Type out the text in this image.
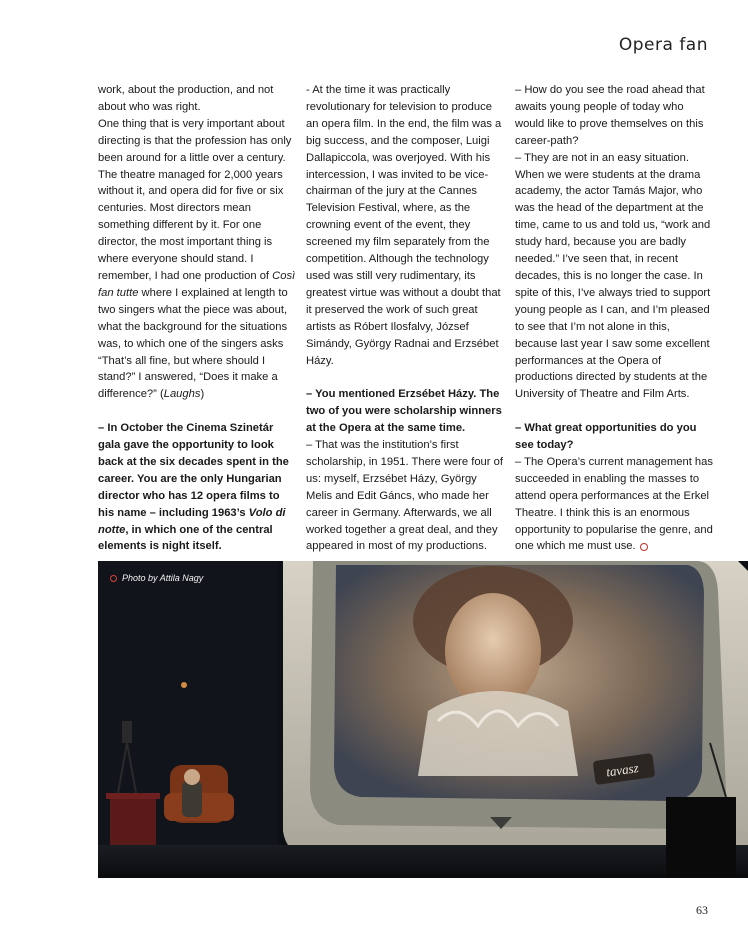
Opera fan

work, about the production, and not about who was right.

One thing that is very important about directing is that the profession has only been around for a little over a century. The theatre managed for 2,000 years without it, and opera did for five or six centuries. Most directors mean something different by it. For one director, the most important thing is where everyone should stand. I remember, I had one production of Così fan tutte where I explained at length to two singers what the piece was about, what the background for the situations was, to which one of the singers asks “That’s all fine, but where should I stand?” I answered, “Does it make a difference?” (Laughs)

– In October the Cinema Szinetár gala gave the opportunity to look back at the six decades spent in the career. You are the only Hungarian director who has 12 opera films to his name – including 1963’s Volo di notte, in which one of the central elements is night itself.

- At the time it was practically revolutionary for television to produce an opera film. In the end, the film was a big success, and the composer, Luigi Dallapiccola, was overjoyed. With his intercession, I was invited to be vice-chairman of the jury at the Cannes Television Festival, where, as the crowning event of the event, they screened my film separately from the competition. Although the technology used was still very rudimentary, its greatest virtue was without a doubt that it preserved the work of such great artists as Róbert Ilosfalvy, József Simándy, György Radnai and Erzsébet Házy.

– You mentioned Erzsébet Házy. The two of you were scholarship winners at the Opera at the same time.

– That was the institution’s first scholarship, in 1951. There were four of us: myself, Erzsébet Házy, György Melis and Edit Gáncs, who made her career in Germany. Afterwards, we all worked together a great deal, and they appeared in most of my productions.

– How do you see the road ahead that awaits young people of today who would like to prove themselves on this career-path?

– They are not in an easy situation. When we were students at the drama academy, the actor Tamás Major, who was the head of the department at the time, came to us and told us, “work and study hard, because you are badly needed.” I’ve seen that, in recent decades, this is no longer the case. In spite of this, I’ve always tried to support young people as I can, and I’m pleased to see that I’m not alone in this, because last year I saw some excellent performances at the Opera of productions directed by students at the University of Theatre and Film Arts.

– What great opportunities do you see today?

– The Opera’s current management has succeeded in enabling the masses to attend opera performances at the Erkel Theatre. I think this is an enormous opportunity to popularise the genre, and one which me must use.

tavasz
Photo by Attila Nagy
63
